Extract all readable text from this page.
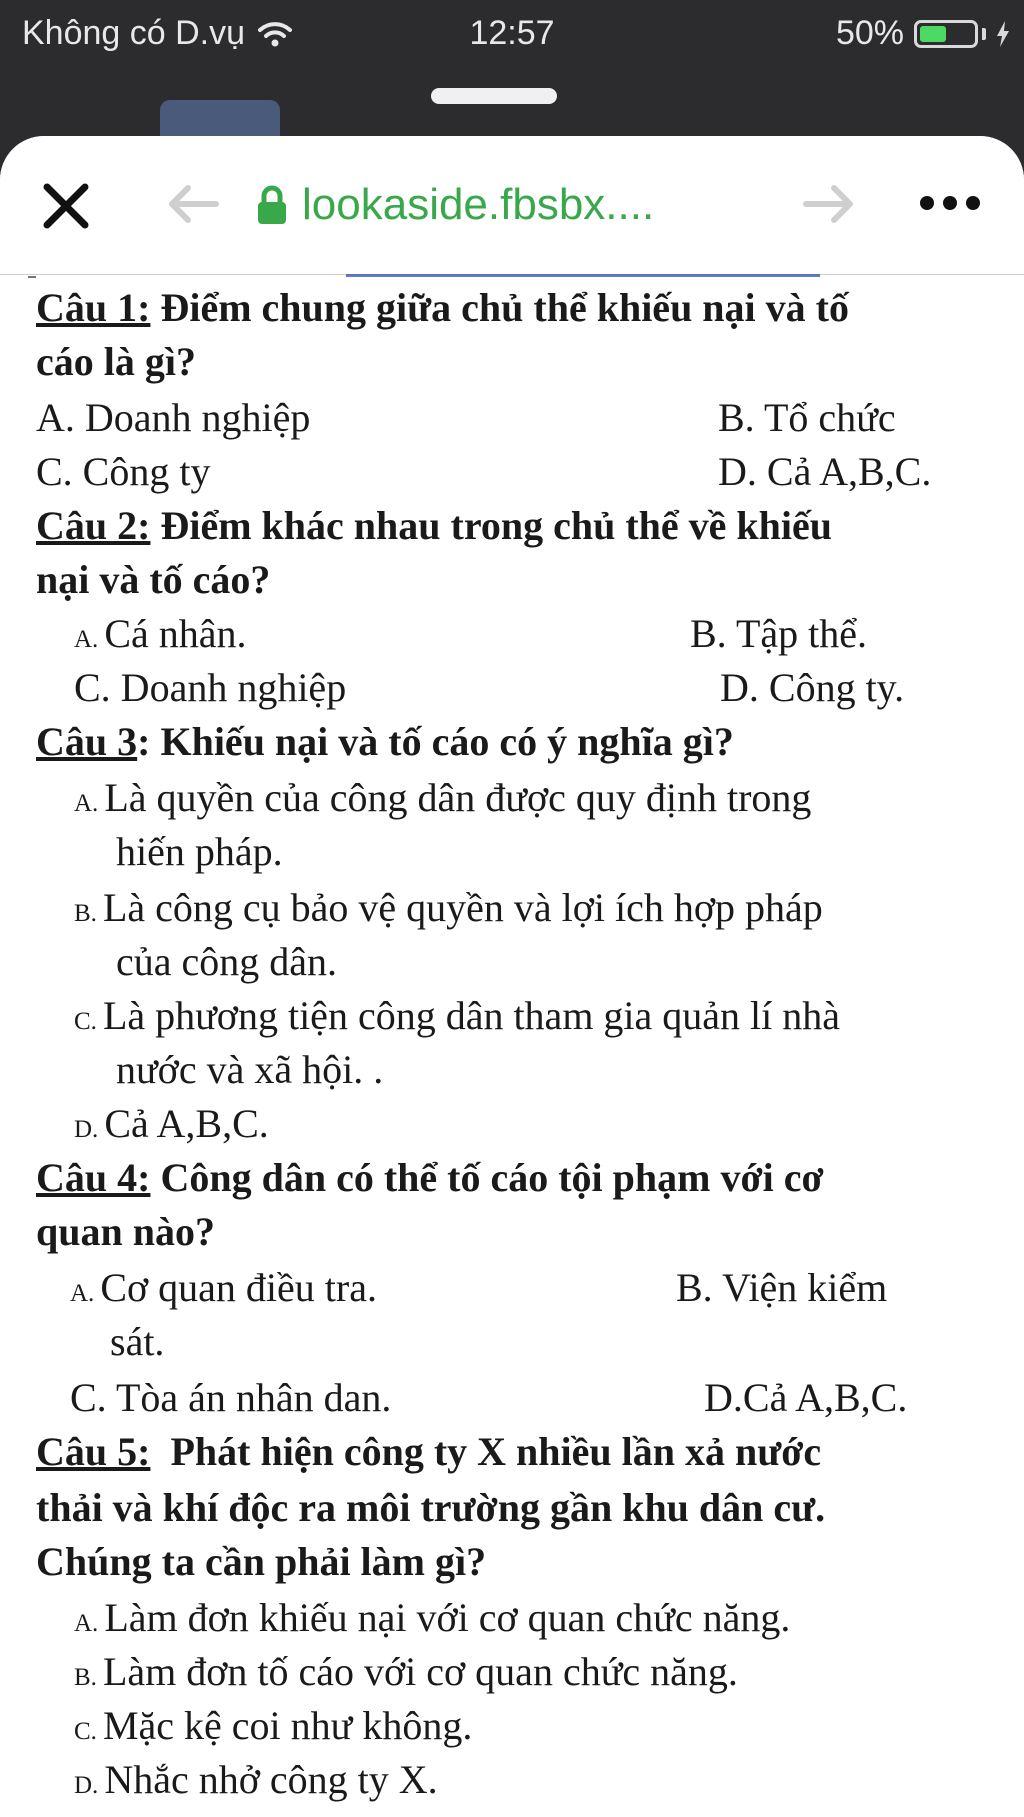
Không có D.vụ	12:57	50%
lookaside.fbsbx....
Câu 1: Điểm chung giữa chủ thể khiếu nại và tố
cáo là gì?
A. Doanh nghiệp	B. Tổ chức
C. Công ty	D. Cả A,B,C.
Câu 2: Điểm khác nhau trong chủ thể về khiếu
nại và tố cáo?
A. Cá nhân.	B. Tập thể.
C. Doanh nghiệp	D. Công ty.
Câu 3: Khiếu nại và tố cáo có ý nghĩa gì?
A. Là quyền của công dân được quy định trong
hiến pháp.
B. Là công cụ bảo vệ quyền và lợi ích hợp pháp
của công dân.
C. Là phương tiện công dân tham gia quản lí nhà
nước và xã hội. .
D. Cả A,B,C.
Câu 4: Công dân có thể tố cáo tội phạm với cơ
quan nào?
A. Cơ quan điều tra.	B. Viện kiểm
sát.
C. Tòa án nhân dan.	D.Cả A,B,C.
Câu 5:  Phát hiện công ty X nhiều lần xả nước
thải và khí độc ra môi trường gần khu dân cư.
Chúng ta cần phải làm gì?
A. Làm đơn khiếu nại với cơ quan chức năng.
B. Làm đơn tố cáo với cơ quan chức năng.
C. Mặc kệ coi như không.
D. Nhắc nhở công ty X.
